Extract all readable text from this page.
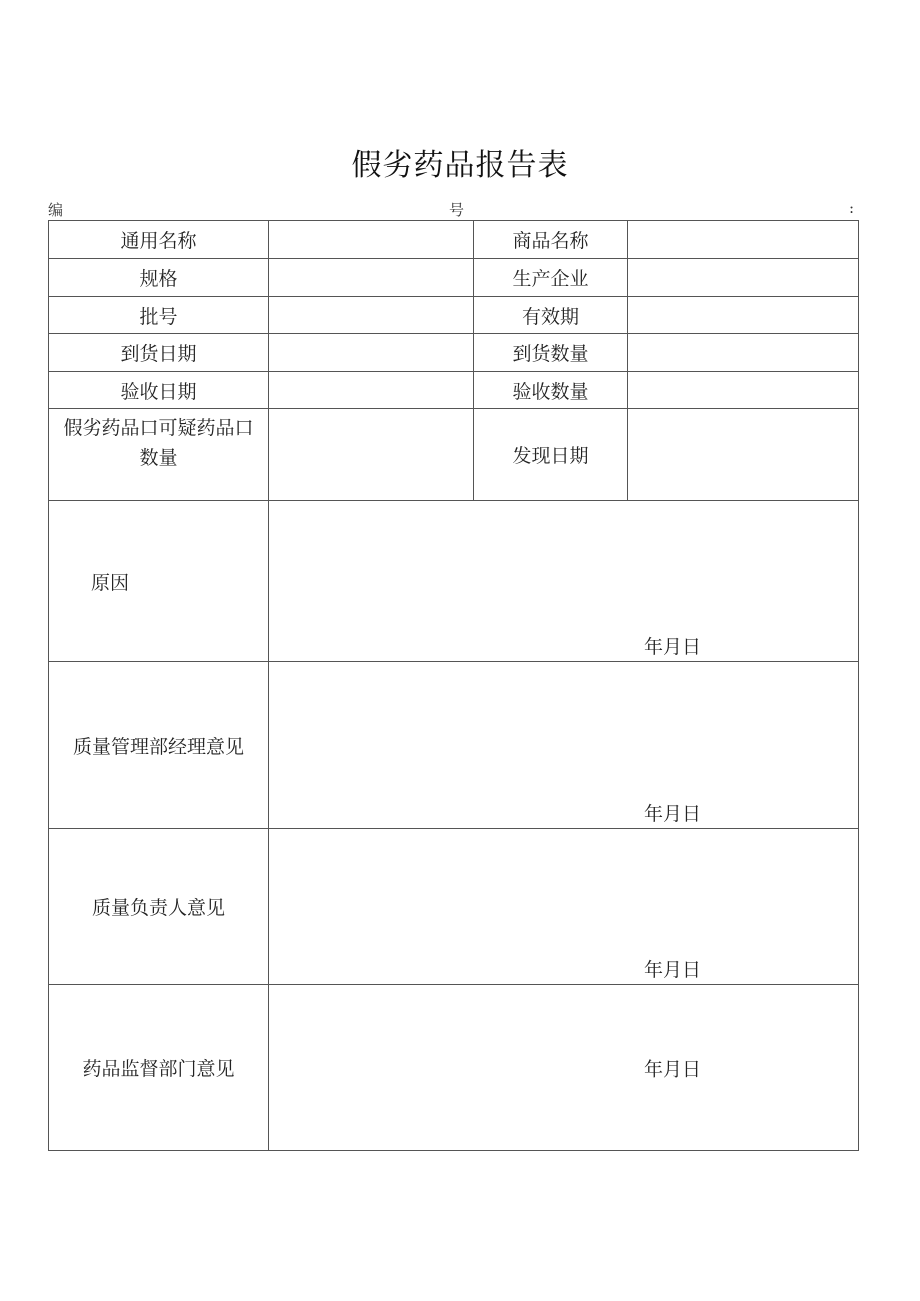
假劣药品报告表
编	号	:
通用名称		商品名称	
规格		生产企业	
批号		有效期	
到货日期		到货数量	
验收日期		验收数量	

假劣药品口可疑药品口
数量		发现日期	
原因	年月日		

质量管理部经理意见	年月日		

质量负责人意见	年月日		

药品监督部门意见	年月日		
